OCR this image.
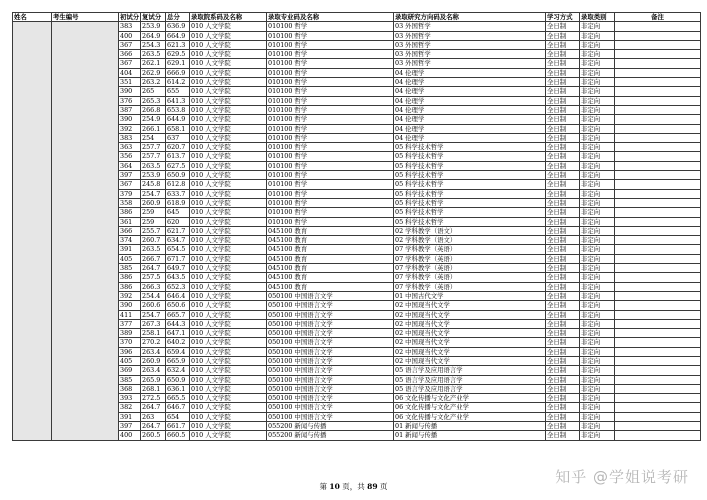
姓名	考生编号	初试分	复试分	总分	录取院系码及名称	录取专业码及名称	录取研究方向码及名称	学习方式	录取类别	备注
		383	253.9	636.9	010 人文学院	010100 哲学	03 外国哲学	全日制	非定向	
		400	264.9	664.9	010 人文学院	010100 哲学	03 外国哲学	全日制	非定向	
		367	254.3	621.3	010 人文学院	010100 哲学	03 外国哲学	全日制	非定向	
		366	263.5	629.5	010 人文学院	010100 哲学	03 外国哲学	全日制	非定向	
		367	262.1	629.1	010 人文学院	010100 哲学	03 外国哲学	全日制	非定向	
		404	262.9	666.9	010 人文学院	010100 哲学	04 伦理学	全日制	非定向	
		351	263.2	614.2	010 人文学院	010100 哲学	04 伦理学	全日制	非定向	
		390	265	655	010 人文学院	010100 哲学	04 伦理学	全日制	非定向	
		376	265.3	641.3	010 人文学院	010100 哲学	04 伦理学	全日制	非定向	
		387	266.8	653.8	010 人文学院	010100 哲学	04 伦理学	全日制	非定向	
		390	254.9	644.9	010 人文学院	010100 哲学	04 伦理学	全日制	非定向	
		392	266.1	658.1	010 人文学院	010100 哲学	04 伦理学	全日制	非定向	
		383	254	637	010 人文学院	010100 哲学	04 伦理学	全日制	非定向	
		363	257.7	620.7	010 人文学院	010100 哲学	05 科学技术哲学	全日制	非定向	
		356	257.7	613.7	010 人文学院	010100 哲学	05 科学技术哲学	全日制	非定向	
		364	263.5	627.5	010 人文学院	010100 哲学	05 科学技术哲学	全日制	非定向	
		397	253.9	650.9	010 人文学院	010100 哲学	05 科学技术哲学	全日制	非定向	
		367	245.8	612.8	010 人文学院	010100 哲学	05 科学技术哲学	全日制	非定向	
		379	254.7	633.7	010 人文学院	010100 哲学	05 科学技术哲学	全日制	非定向	
		358	260.9	618.9	010 人文学院	010100 哲学	05 科学技术哲学	全日制	非定向	
		386	259	645	010 人文学院	010100 哲学	05 科学技术哲学	全日制	非定向	
		361	259	620	010 人文学院	010100 哲学	05 科学技术哲学	全日制	非定向	
		366	255.7	621.7	010 人文学院	045100 教育	02 学科教学（语文）	全日制	非定向	
		374	260.7	634.7	010 人文学院	045100 教育	02 学科教学（语文）	全日制	非定向	
		391	263.5	654.5	010 人文学院	045100 教育	07 学科教学（英语）	全日制	非定向	
		405	266.7	671.7	010 人文学院	045100 教育	07 学科教学（英语）	全日制	非定向	
		385	264.7	649.7	010 人文学院	045100 教育	07 学科教学（英语）	全日制	非定向	
		386	257.5	643.5	010 人文学院	045100 教育	07 学科教学（英语）	全日制	非定向	
		386	266.3	652.3	010 人文学院	045100 教育	07 学科教学（英语）	全日制	非定向	
		392	254.4	646.4	010 人文学院	050100 中国语言文学	01 中国古代文学	全日制	非定向	
		390	260.6	650.6	010 人文学院	050100 中国语言文学	02 中国现当代文学	全日制	非定向	
		411	254.7	665.7	010 人文学院	050100 中国语言文学	02 中国现当代文学	全日制	非定向	
		377	267.3	644.3	010 人文学院	050100 中国语言文学	02 中国现当代文学	全日制	非定向	
		389	258.1	647.1	010 人文学院	050100 中国语言文学	02 中国现当代文学	全日制	非定向	
		370	270.2	640.2	010 人文学院	050100 中国语言文学	02 中国现当代文学	全日制	非定向	
		396	263.4	659.4	010 人文学院	050100 中国语言文学	02 中国现当代文学	全日制	非定向	
		405	260.9	665.9	010 人文学院	050100 中国语言文学	02 中国现当代文学	全日制	非定向	
		369	263.4	632.4	010 人文学院	050100 中国语言文学	05 语言学及应用语言学	全日制	非定向	
		385	265.9	650.9	010 人文学院	050100 中国语言文学	05 语言学及应用语言学	全日制	非定向	
		368	268.1	636.1	010 人文学院	050100 中国语言文学	05 语言学及应用语言学	全日制	非定向	
		393	272.5	665.5	010 人文学院	050100 中国语言文学	06 文化传播与文化产业学	全日制	非定向	
		382	264.7	646.7	010 人文学院	050100 中国语言文学	06 文化传播与文化产业学	全日制	非定向	
		391	263	654	010 人文学院	050100 中国语言文学	06 文化传播与文化产业学	全日制	非定向	
		397	264.7	661.7	010 人文学院	055200 新闻与传播	01 新闻与传播	全日制	非定向	
		400	260.5	660.5	010 人文学院	055200 新闻与传播	01 新闻与传播	全日制	非定向	
第 10 页，共 89 页
知乎 @学姐说考研
